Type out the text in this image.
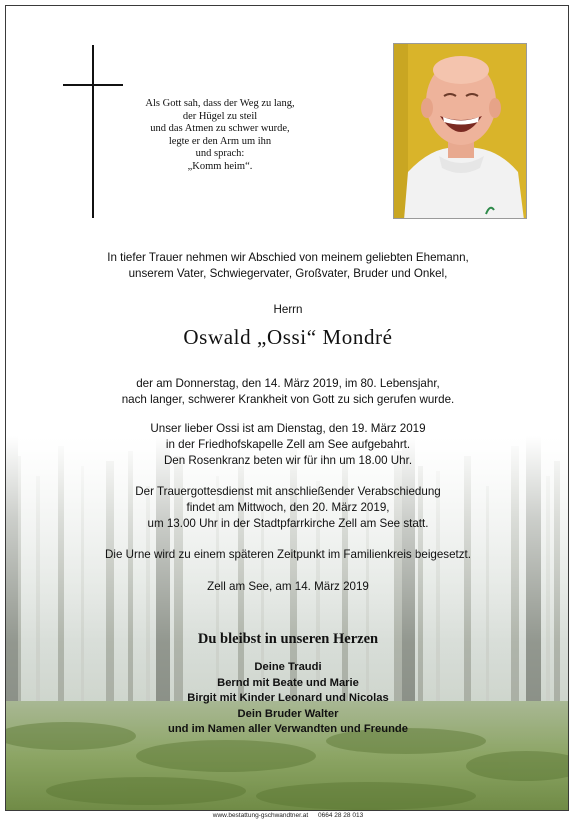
Als Gott sah, dass der Weg zu lang,
der Hügel zu steil
und das Atmen zu schwer wurde,
legte er den Arm um ihn
und sprach:
„Komm heim“.
In tiefer Trauer nehmen wir Abschied von meinem geliebten Ehemann,
unserem Vater, Schwiegervater, Großvater, Bruder und Onkel,
Herrn
Oswald „Ossi“ Mondré
der am Donnerstag, den 14. März 2019, im 80. Lebensjahr,
nach langer, schwerer Krankheit von Gott zu sich gerufen wurde.
Unser lieber Ossi ist am Dienstag, den 19. März 2019
in der Friedhofskapelle Zell am See aufgebahrt.
Den Rosenkranz beten wir für ihn um 18.00 Uhr.
Der Trauergottesdienst mit anschließender Verabschiedung
findet am Mittwoch, den 20. März 2019,
um 13.00 Uhr in der Stadtpfarrkirche Zell am See statt.
Die Urne wird zu einem späteren Zeitpunkt im Familienkreis beigesetzt.
Zell am See, am 14. März 2019
Du bleibst in unseren Herzen
Deine Traudi
Bernd mit Beate und Marie
Birgit mit Kinder Leonard und Nicolas
Dein Bruder Walter
und im Namen aller Verwandten und Freunde
www.bestattung-gschwandtner.at 0664 28 28 013
